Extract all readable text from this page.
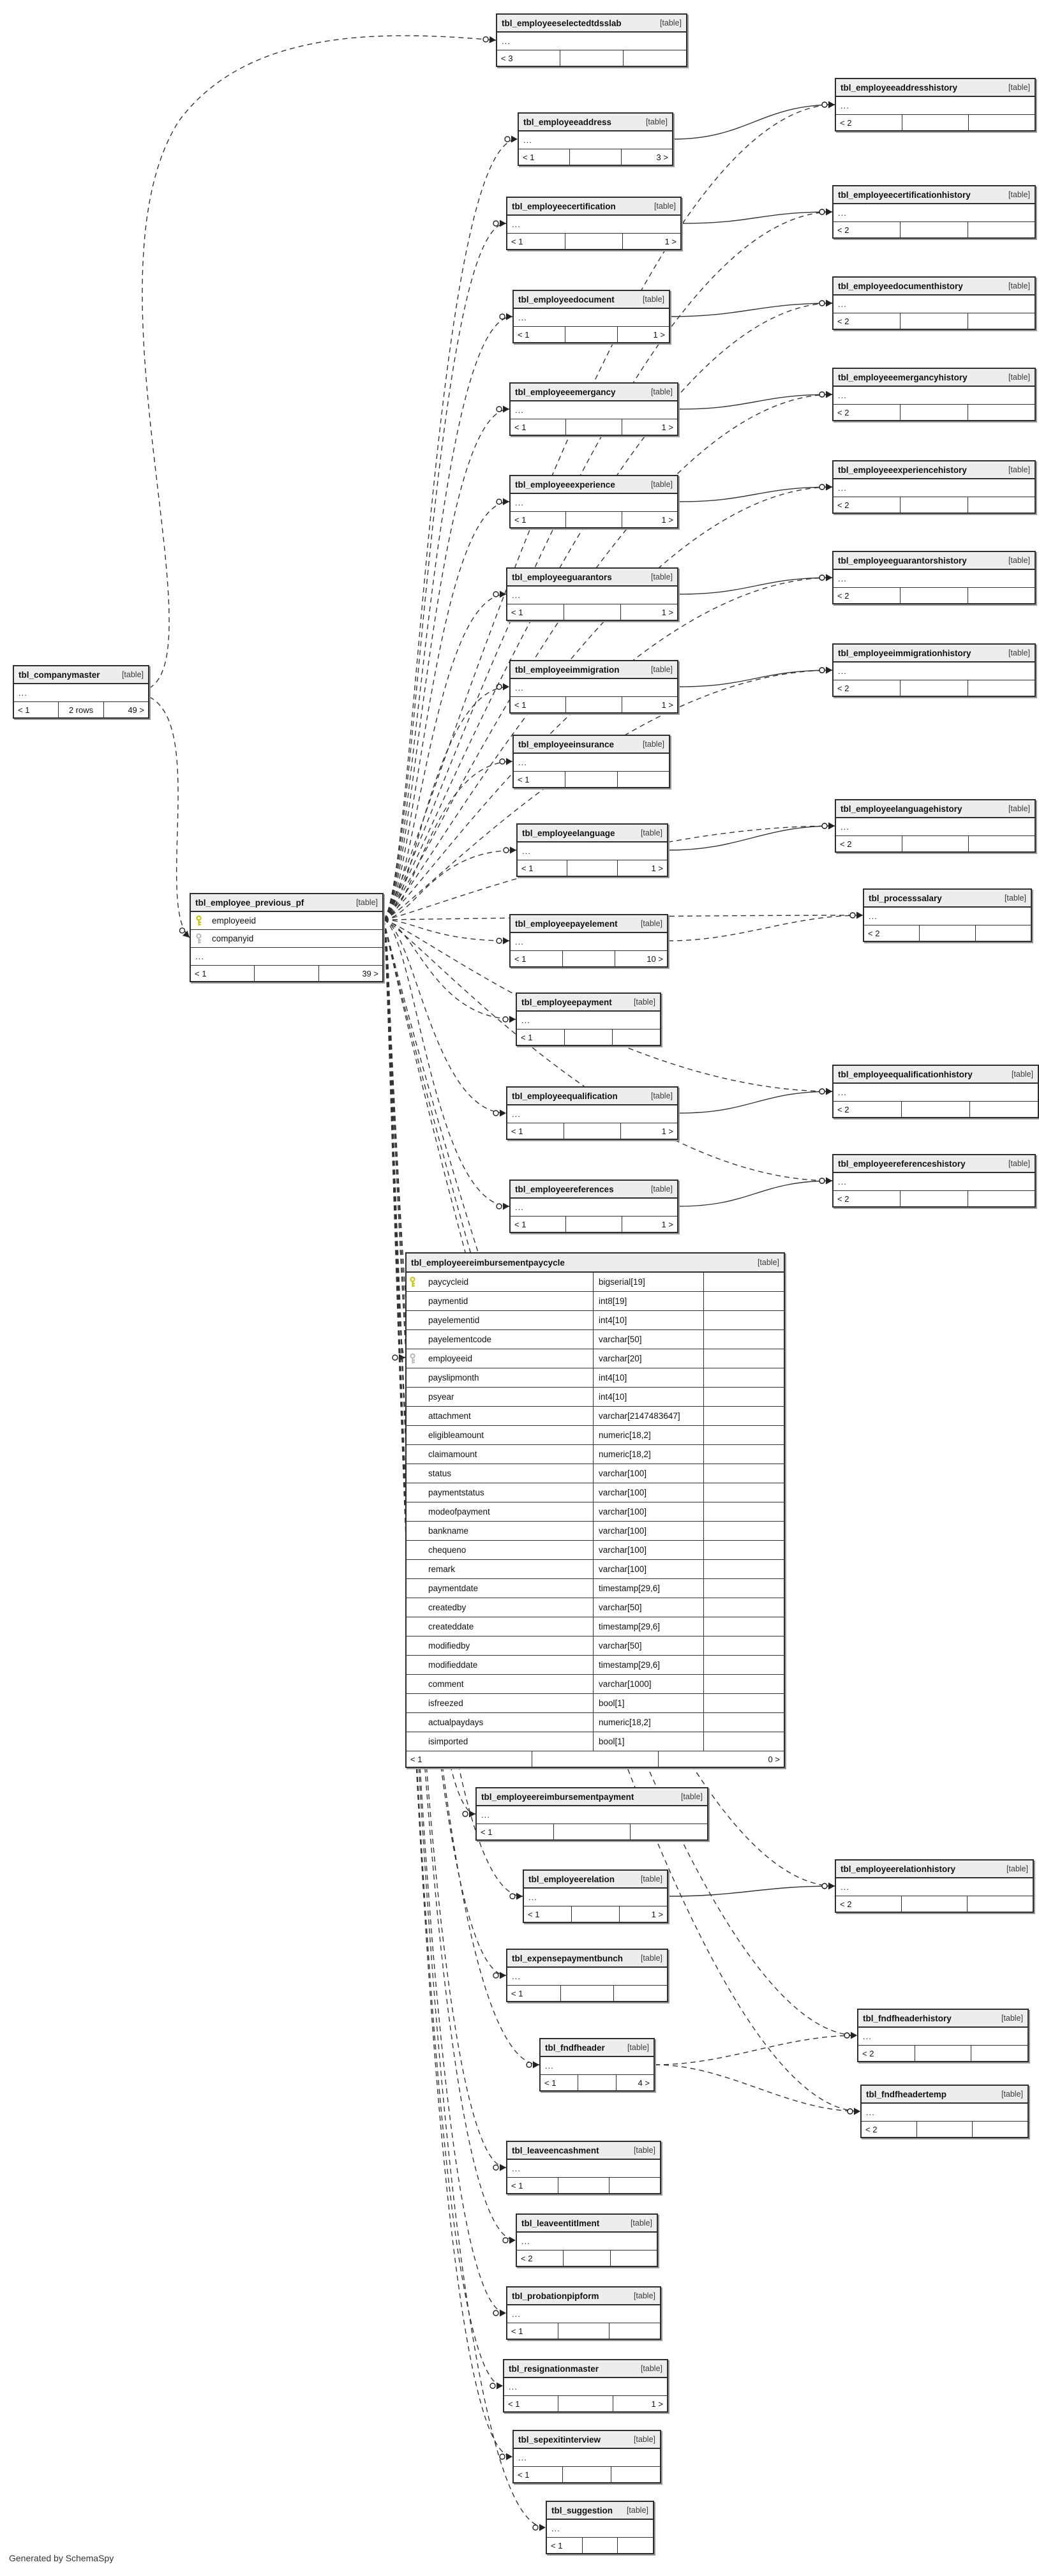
tbl_companymaster	[table]
...
< 1	2 rows	49 >
tbl_employee_previous_pf	[table]
employeeid
companyid
...
< 1	39 >
tbl_employeeselectedtdsslab	[table]
...
< 3
tbl_employeeaddress	[table]
...
< 1	3 >
tbl_employeeaddresshistory	[table]
...
< 2
tbl_employeecertification	[table]
...
< 1	1 >
tbl_employeecertificationhistory	[table]
...
< 2
tbl_employeedocument	[table]
...
< 1	1 >
tbl_employeedocumenthistory	[table]
...
< 2
tbl_employeeemergancy	[table]
...
< 1	1 >
tbl_employeeemergancyhistory	[table]
...
< 2
tbl_employeeexperience	[table]
...
< 1	1 >
tbl_employeeexperiencehistory	[table]
...
< 2
tbl_employeeguarantors	[table]
...
< 1	1 >
tbl_employeeguarantorshistory	[table]
...
< 2
tbl_employeeimmigration	[table]
...
< 1	1 >
tbl_employeeimmigrationhistory	[table]
...
< 2
tbl_employeeinsurance	[table]
...
< 1
tbl_employeelanguage	[table]
...
< 1	1 >
tbl_employeelanguagehistory	[table]
...
< 2
tbl_processsalary	[table]
...
< 2
tbl_employeepayelement	[table]
...
< 1	10 >
tbl_employeepayment	[table]
...
< 1
tbl_employeequalification	[table]
...
< 1	1 >
tbl_employeequalificationhistory	[table]
...
< 2
tbl_employeereferences	[table]
...
< 1	1 >
tbl_employeereferenceshistory	[table]
...
< 2
tbl_employeereimbursementpaycycle	[table]
paycycleid	bigserial[19]
paymentid	int8[19]
payelementid	int4[10]
payelementcode	varchar[50]
employeeid	varchar[20]
payslipmonth	int4[10]
psyear	int4[10]
attachment	varchar[2147483647]
eligibleamount	numeric[18,2]
claimamount	numeric[18,2]
status	varchar[100]
paymentstatus	varchar[100]
modeofpayment	varchar[100]
bankname	varchar[100]
chequeno	varchar[100]
remark	varchar[100]
paymentdate	timestamp[29,6]
createdby	varchar[50]
createddate	timestamp[29,6]
modifiedby	varchar[50]
modifieddate	timestamp[29,6]
comment	varchar[1000]
isfreezed	bool[1]
actualpaydays	numeric[18,2]
isimported	bool[1]
< 1	0 >
tbl_employeereimbursementpayment	[table]
...
< 1
tbl_employeerelation	[table]
...
< 1	1 >
tbl_employeerelationhistory	[table]
...
< 2
tbl_expensepaymentbunch [table]
...
< 1
tbl_fndfheaderhistory	[table]
...
< 2
tbl_fndfheader	[table]
...
< 1	4 >
tbl_fndfheadertemp	[table]
...
< 2
tbl_leaveencashment	[table]
...
< 1
tbl_leaveentitlment	[table]
...
< 2
tbl_probationpipform	[table]
...
< 1
tbl_resignationmaster	[table]
...
< 1	1 >
tbl_sepexitinterview	[table]
...
< 1
tbl_suggestion [table]
...
< 1
Generated by SchemaSpy
